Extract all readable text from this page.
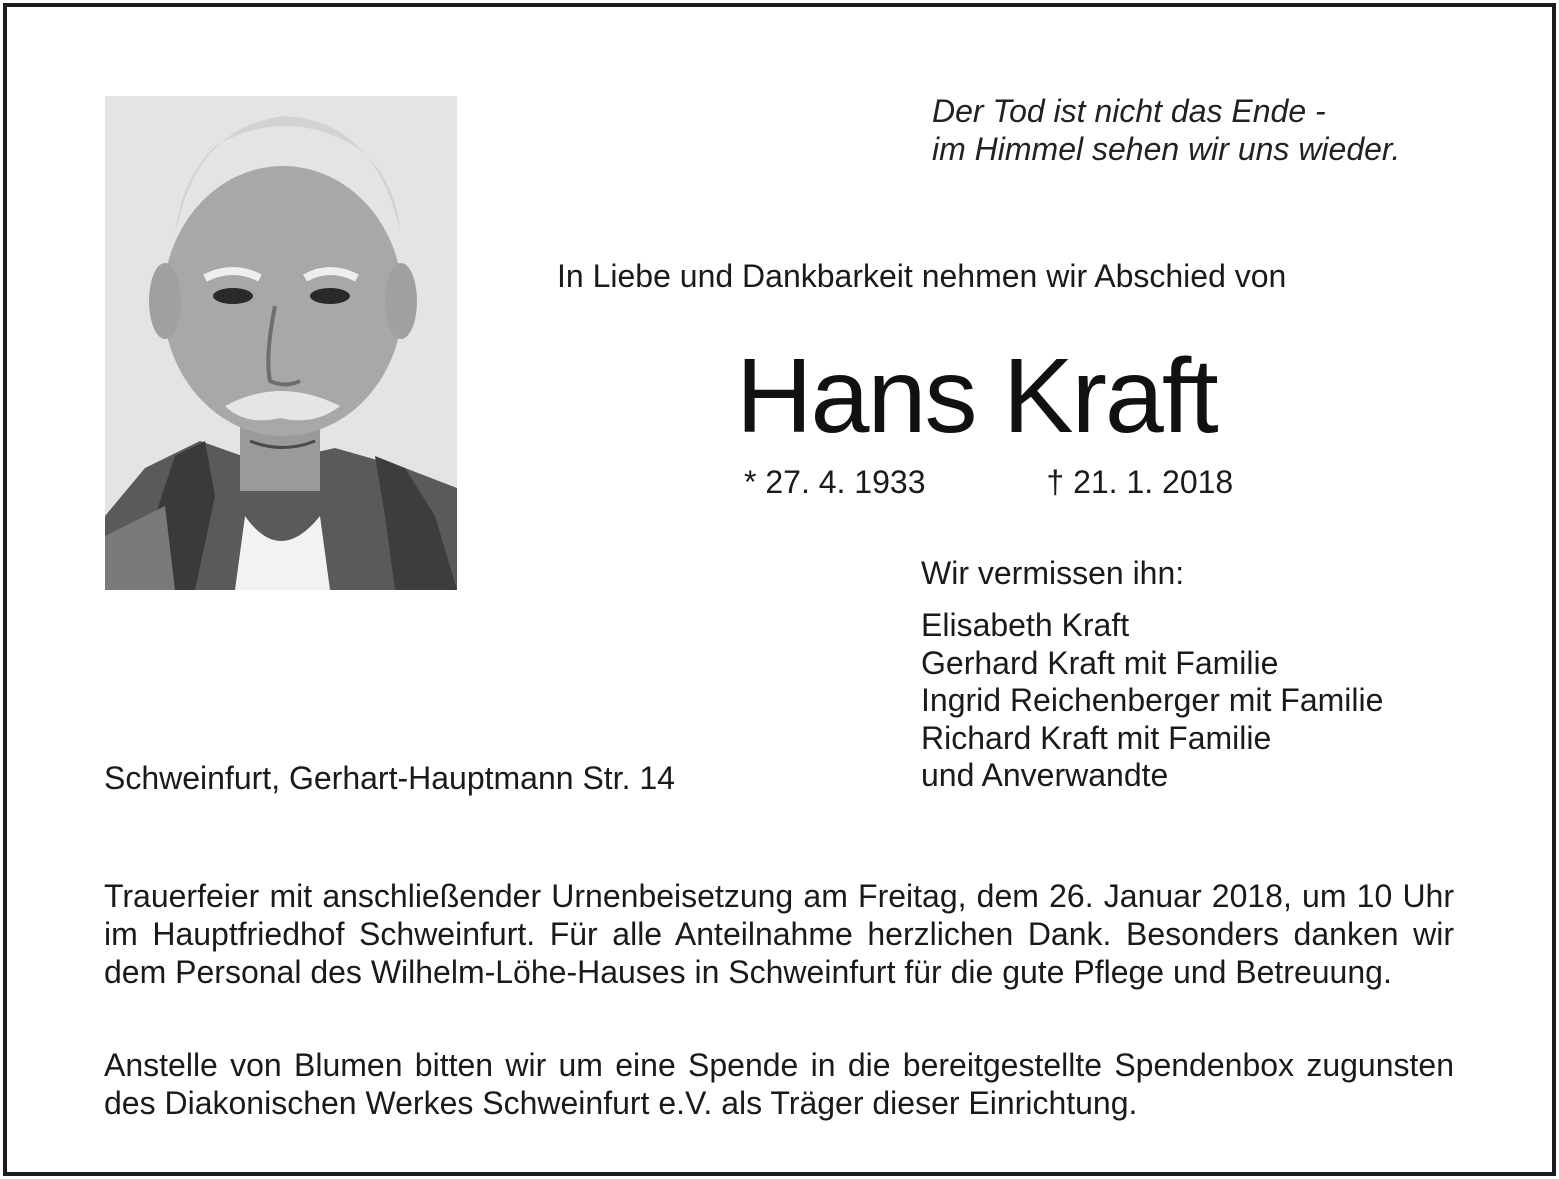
Der Tod ist nicht das Ende -
im Himmel sehen wir uns wieder.
In Liebe und Dankbarkeit nehmen wir Abschied von
Hans Kraft
* 27. 4. 1933	† 21. 1. 2018
Wir vermissen ihn:
Elisabeth Kraft
Gerhard Kraft mit Familie
Ingrid Reichenberger mit Familie
Richard Kraft mit Familie
und Anverwandte
Schweinfurt, Gerhart-Hauptmann Str. 14
Trauerfeier mit anschließender Urnenbeisetzung am Freitag, dem 26. Januar 2018, um 10 Uhr im Hauptfriedhof Schweinfurt. Für alle Anteilnahme herzlichen Dank. Besonders danken wir dem Personal des Wilhelm-Löhe-Hauses in Schweinfurt für die gute Pflege und Betreuung.
Anstelle von Blumen bitten wir um eine Spende in die bereitgestellte Spendenbox zugunsten des Diakonischen Werkes Schweinfurt e.V. als Träger dieser Einrichtung.
